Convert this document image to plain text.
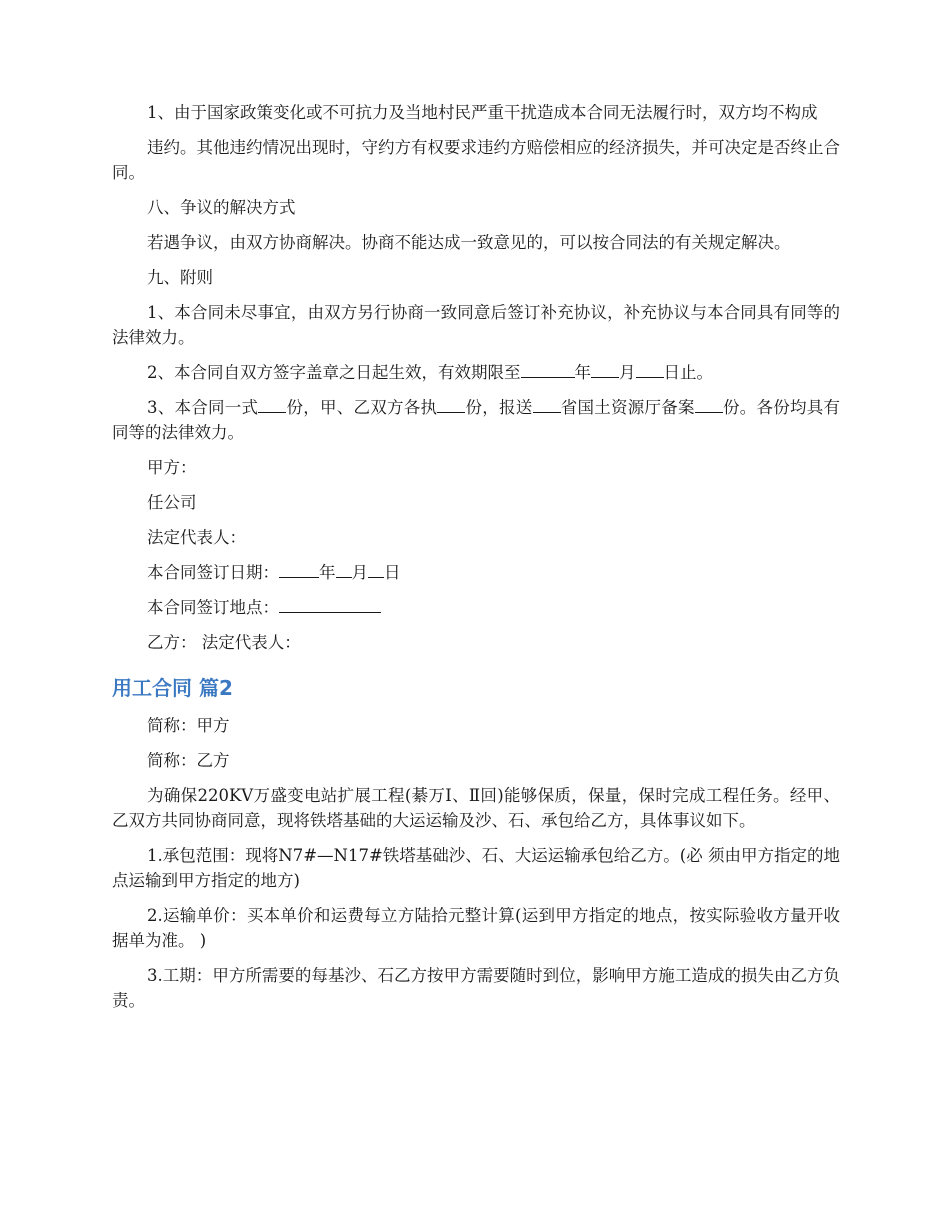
1、由于国家政策变化或不可抗力及当地村民严重干扰造成本合同无法履行时，双方均不构成

违约。其他违约情况出现时，守约方有权要求违约方赔偿相应的经济损失，并可决定是否终止合同。

八、争议的解决方式

若遇争议，由双方协商解决。协商不能达成一致意见的，可以按合同法的有关规定解决。

九、附则

1、本合同未尽事宜，由双方另行协商一致同意后签订补充协议，补充协议与本合同具有同等的法律效力。

2、本合同自双方签字盖章之日起生效，有效期限至	年 月 日止。

3、本合同一式 份，甲、乙双方各执 份，报送 省国土资源厅备案 份。各份均具有同等的法律效力。

甲方：

任公司

法定代表人：

本合同签订日期： 年 月 日

本合同签订地点：

乙方： 法定代表人：

用工合同 篇2

简称：甲方

简称：乙方

为确保220KV万盛变电站扩展工程(綦万Ⅰ、Ⅱ回)能够保质，保量，保时完成工程任务。经甲、乙双方共同协商同意，现将铁塔基础的大运运输及沙、石、承包给乙方，具体事议如下。

1.承包范围：现将N7#—N17#铁塔基础沙、石、大运运输承包给乙方。(必 须由甲方指定的地点运输到甲方指定的地方)

2.运输单价：买本单价和运费每立方陆拾元整计算(运到甲方指定的地点，按实际验收方量开收据单为准。 )

3.工期：甲方所需要的每基沙、石乙方按甲方需要随时到位，影响甲方施工造成的损失由乙方负责。
